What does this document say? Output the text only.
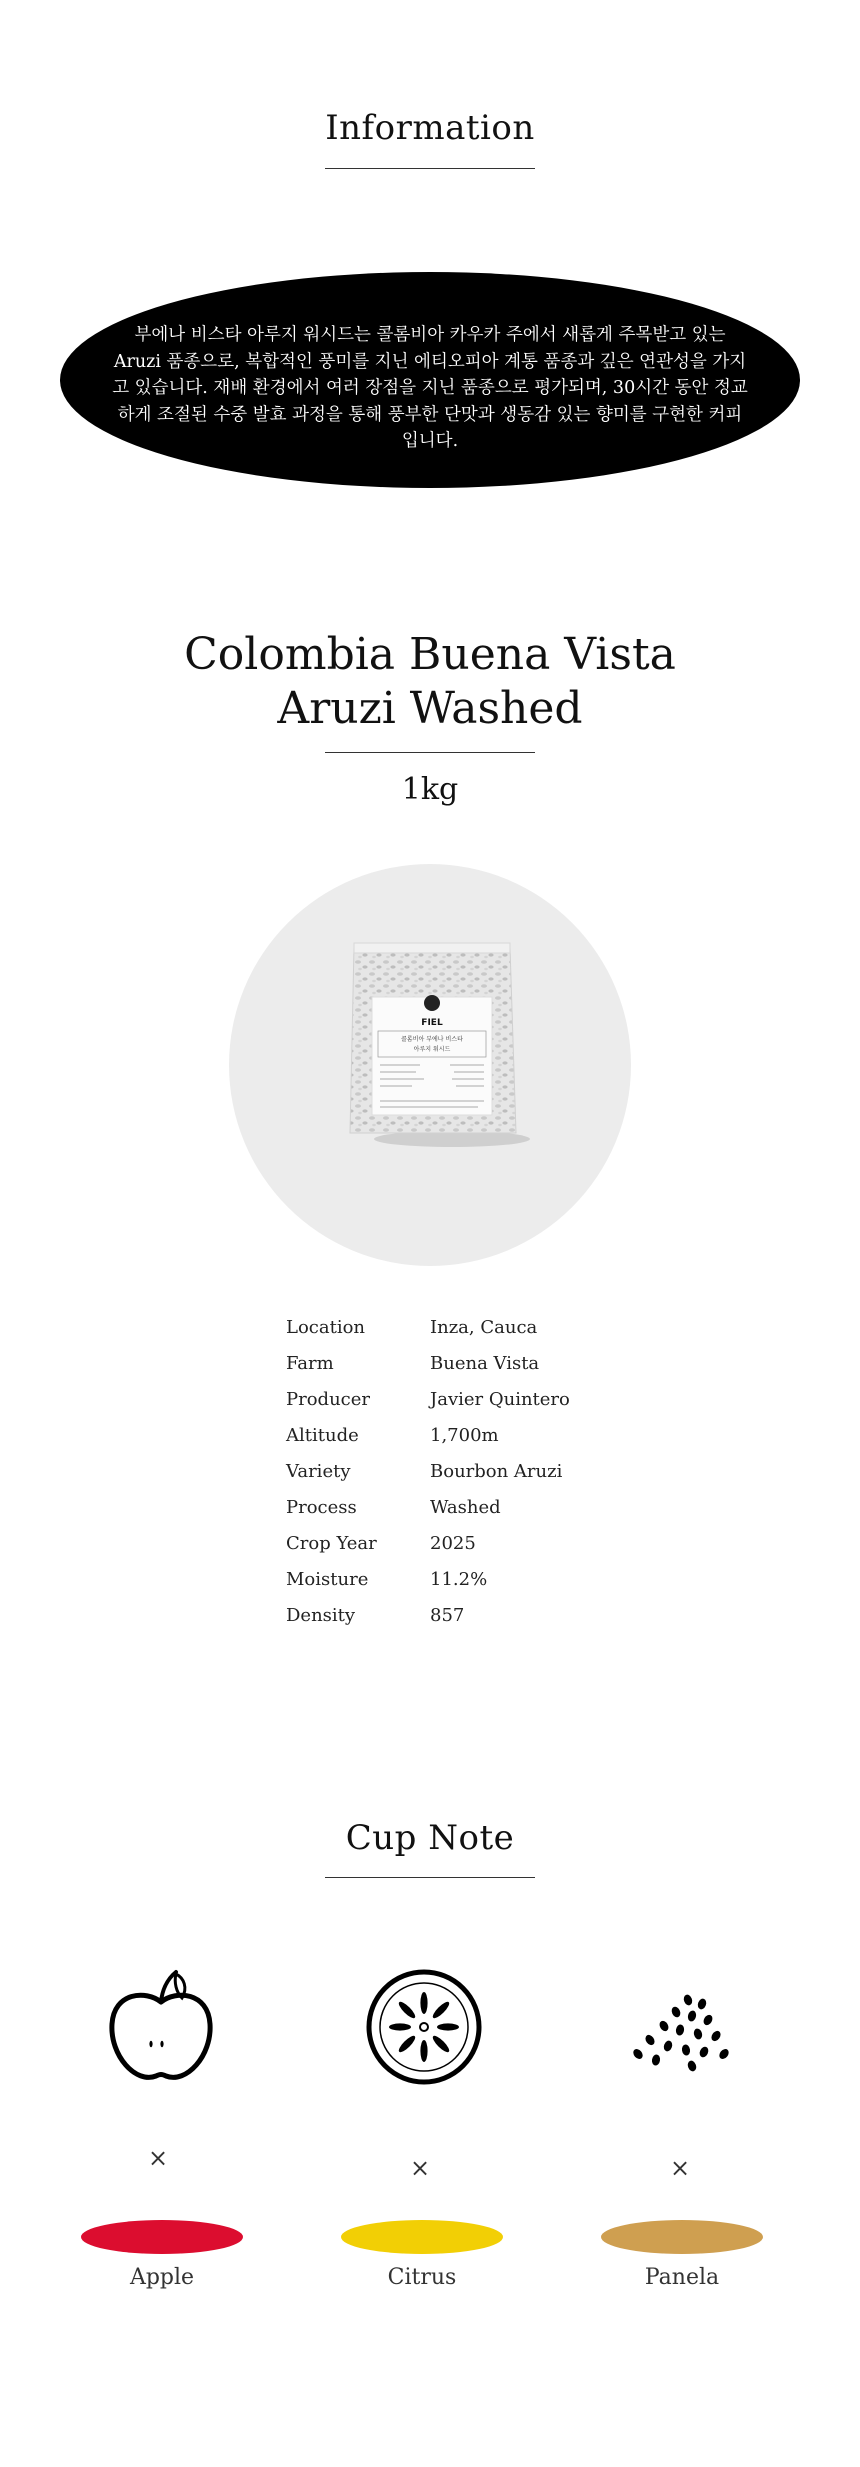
Information
부에나 비스타 아루지 워시드는 콜롬비아 카우카 주에서 새롭게 주목받고 있는 Aruzi 품종으로, 복합적인 풍미를 지닌 에티오피아 계통 품종과 깊은 연관성을 가지고 있습니다. 재배 환경에서 여러 장점을 지닌 품종으로 평가되며, 30시간 동안 정교하게 조절된 수중 발효 과정을 통해 풍부한 단맛과 생동감 있는 향미를 구현한 커피입니다.
Colombia Buena Vista
Aruzi Washed
1kg
FIEL
콜롬비아 부에나 비스타
아루지 워시드
Location	Inza, Cauca
Farm	Buena Vista
Producer	Javier Quintero
Altitude	1,700m
Variety	Bourbon Aruzi
Process	Washed
Crop Year	2025
Moisture	11.2%
Density	857
Cup Note
×	×	×
Apple	Citrus	Panela
